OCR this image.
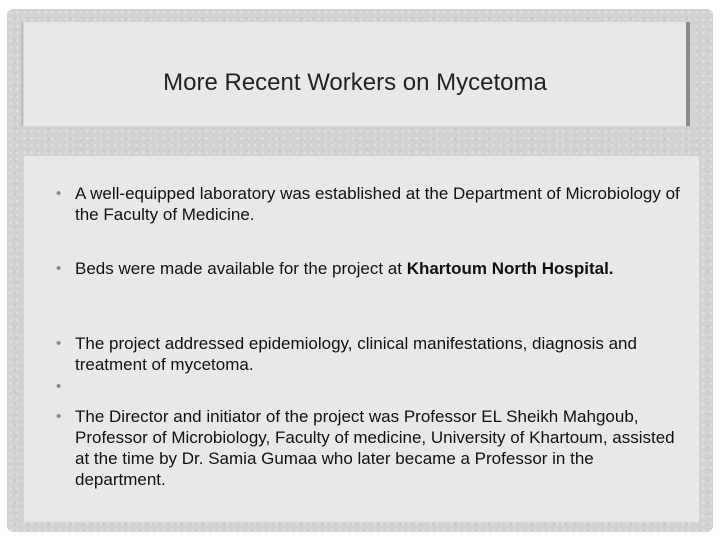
More Recent Workers on Mycetoma
• A well-equipped laboratory was established at the Department of Microbiology of the Faculty of Medicine.
• Beds were made available for the project at Khartoum North Hospital.
• The project addressed epidemiology, clinical manifestations, diagnosis and treatment of mycetoma.
•
• The Director and initiator of the project was Professor EL Sheikh Mahgoub, Professor of Microbiology, Faculty of medicine, University of Khartoum, assisted at the time by Dr. Samia Gumaa who later became a Professor in the department.
